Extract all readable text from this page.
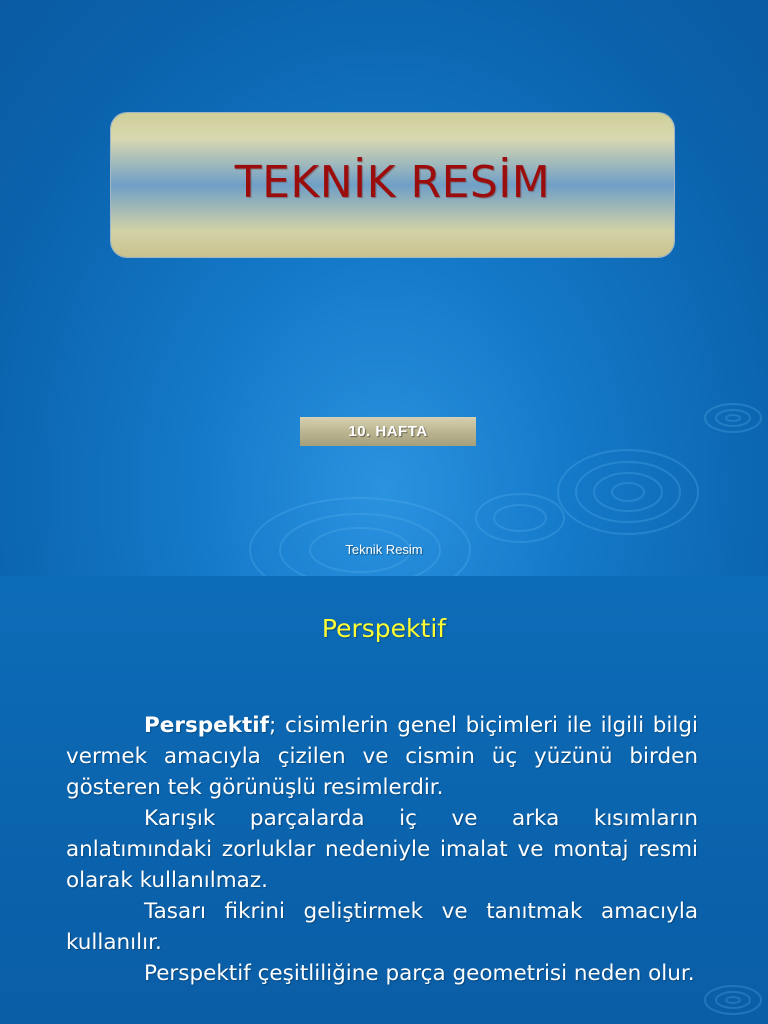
TEKNİK RESİM
10. HAFTA
Teknik Resim
Perspektif

Perspektif; cisimlerin genel biçimleri ile ilgili bilgi vermek amacıyla çizilen ve cismin üç yüzünü birden gösteren tek görünüşlü resimlerdir.

Karışık parçalarda iç ve arka kısımların anlatımındaki zorluklar nedeniyle imalat ve montaj resmi olarak kullanılmaz.

Tasarı fikrini geliştirmek ve tanıtmak amacıyla kullanılır.

Perspektif çeşitliliğine parça geometrisi neden olur.
